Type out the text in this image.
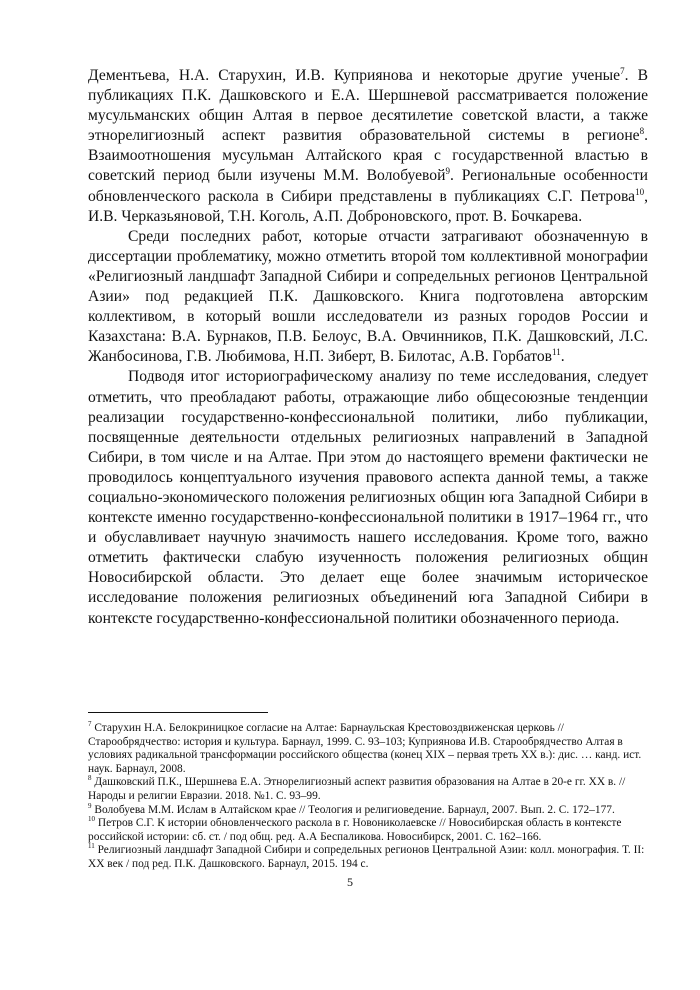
Дементьева, Н.А. Старухин, И.В. Куприянова и некоторые другие ученые$^7$. В публикациях П.К. Дашковского и Е.А. Шершневой рассматривается положение мусульманских общин Алтая в первое десятилетие советской власти, а также этнорелигиозный аспект развития образовательной системы в регионе$^8$. Взаимоотношения мусульман Алтайского края с государственной властью в советский период были изучены М.М. Волобуевой$^9$. Региональные особенности обновленческого раскола в Сибири представлены в публикациях С.Г. Петрова$^{10}$, И.В. Черказьяновой, Т.Н. Коголь, А.П. Доброновского, прот. В. Бочкарева.

Среди последних работ, которые отчасти затрагивают обозначенную в диссертации проблематику, можно отметить второй том коллективной монографии «Религиозный ландшафт Западной Сибири и сопредельных регионов Центральной Азии» под редакцией П.К. Дашковского. Книга подготовлена авторским коллективом, в который вошли исследователи из разных городов России и Казахстана: В.А. Бурнаков, П.В. Белоус, В.А. Овчинников, П.К. Дашковский, Л.С. Жанбосинова, Г.В. Любимова, Н.П. Зиберт, В. Билотас, А.В. Горбатов$^{11}$.

Подводя итог историографическому анализу по теме исследования, следует отметить, что преобладают работы, отражающие либо общесоюзные тенденции реализации государственно-конфессиональной политики, либо публикации, посвященные деятельности отдельных религиозных направлений в Западной Сибири, в том числе и на Алтае. При этом до настоящего времени фактически не проводилось концептуального изучения правового аспекта данной темы, а также социально-экономического положения религиозных общин юга Западной Сибири в контексте именно государственно-конфессиональной политики в 1917–1964 гг., что и обуславливает научную значимость нашего исследования. Кроме того, важно отметить фактически слабую изученность положения религиозных общин Новосибирской области. Это делает еще более значимым историческое исследование положения религиозных объединений юга Западной Сибири в контексте государственно-конфессиональной политики обозначенного периода.

$^7$ Старухин Н.А. Белокриницкое согласие на Алтае: Барнаульская Крестовоздвиженская церковь // Старообрядчество: история и культура. Барнаул, 1999. С. 93–103; Куприянова И.В. Старообрядчество Алтая в условиях радикальной трансформации российского общества (конец XIX – первая треть XX в.): дис. … канд. ист. наук. Барнаул, 2008.

$^8$ Дашковский П.К., Шершнева Е.А. Этнорелигиозный аспект развития образования на Алтае в 20-е гг. XX в. // Народы и религии Евразии. 2018. №1. С. 93–99.

$^9$ Волобуева М.М. Ислам в Алтайском крае // Теология и религиоведение. Барнаул, 2007. Вып. 2. С. 172–177.

$^{10}$ Петров С.Г. К истории обновленческого раскола в г. Новониколаевске // Новосибирская область в контексте российской истории: сб. ст. / под общ. ред. А.А Беспаликова. Новосибирск, 2001. С. 162–166.

$^{11}$ Религиозный ландшафт Западной Сибири и сопредельных регионов Центральной Азии: колл. монография. Т. II: XX век / под ред. П.К. Дашковского. Барнаул, 2015. 194 с.

5
